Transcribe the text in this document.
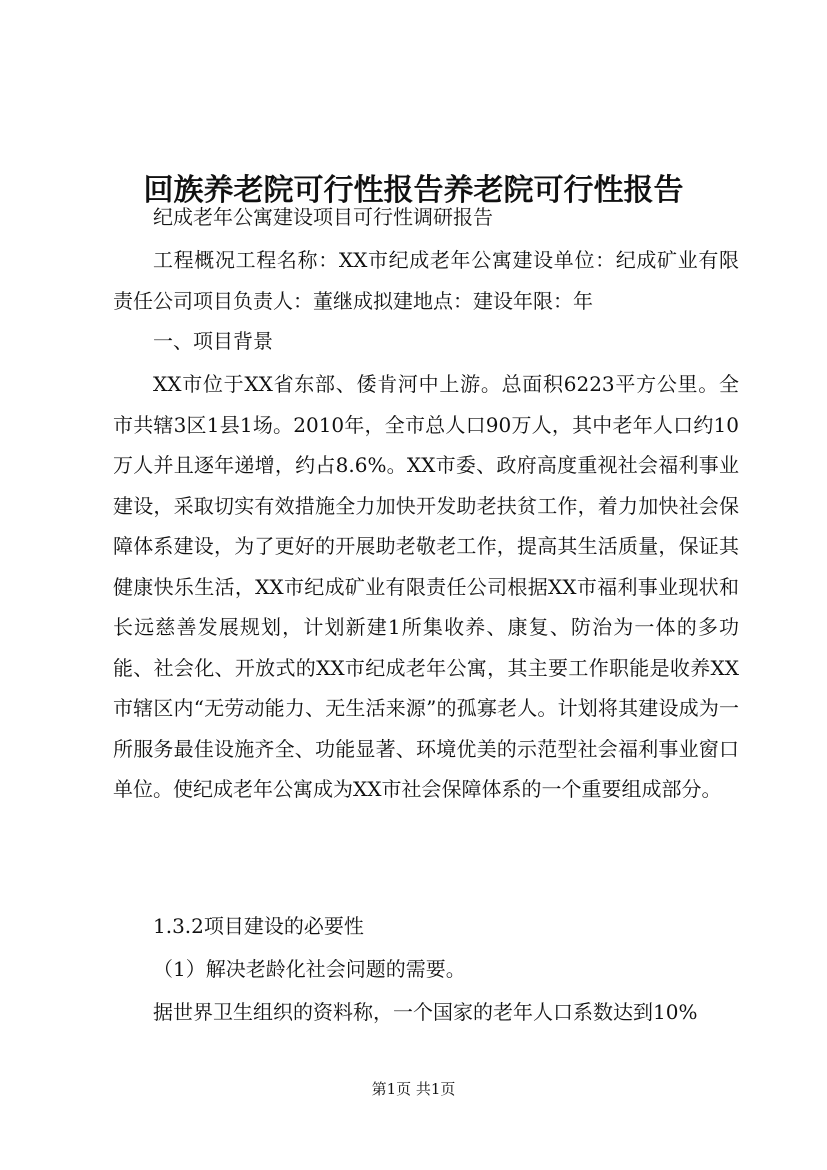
回族养老院可行性报告养老院可行性报告

纪成老年公寓建设项目可行性调研报告

工程概况工程名称：XX市纪成老年公寓建设单位：纪成矿业有限责任公司项目负责人：董继成拟建地点：建设年限：年

一、项目背景

XX市位于XX省东部、倭肯河中上游。总面积6223平方公里。全市共辖3区1县1场。2010年，全市总人口90万人，其中老年人口约10万人并且逐年递增，约占8.6%。XX市委、政府高度重视社会福利事业建设，采取切实有效措施全力加快开发助老扶贫工作，着力加快社会保障体系建设，为了更好的开展助老敬老工作，提高其生活质量，保证其健康快乐生活，XX市纪成矿业有限责任公司根据XX市福利事业现状和长远慈善发展规划，计划新建1所集收养、康复、防治为一体的多功能、社会化、开放式的XX市纪成老年公寓，其主要工作职能是收养XX市辖区内“无劳动能力、无生活来源”的孤寡老人。计划将其建设成为一所服务最佳设施齐全、功能显著、环境优美的示范型社会福利事业窗口单位。使纪成老年公寓成为XX市社会保障体系的一个重要组成部分。

1.3.2项目建设的必要性

（1）解决老龄化社会问题的需要。

据世界卫生组织的资料称，一个国家的老年人口系数达到10%

第1页 共1页
